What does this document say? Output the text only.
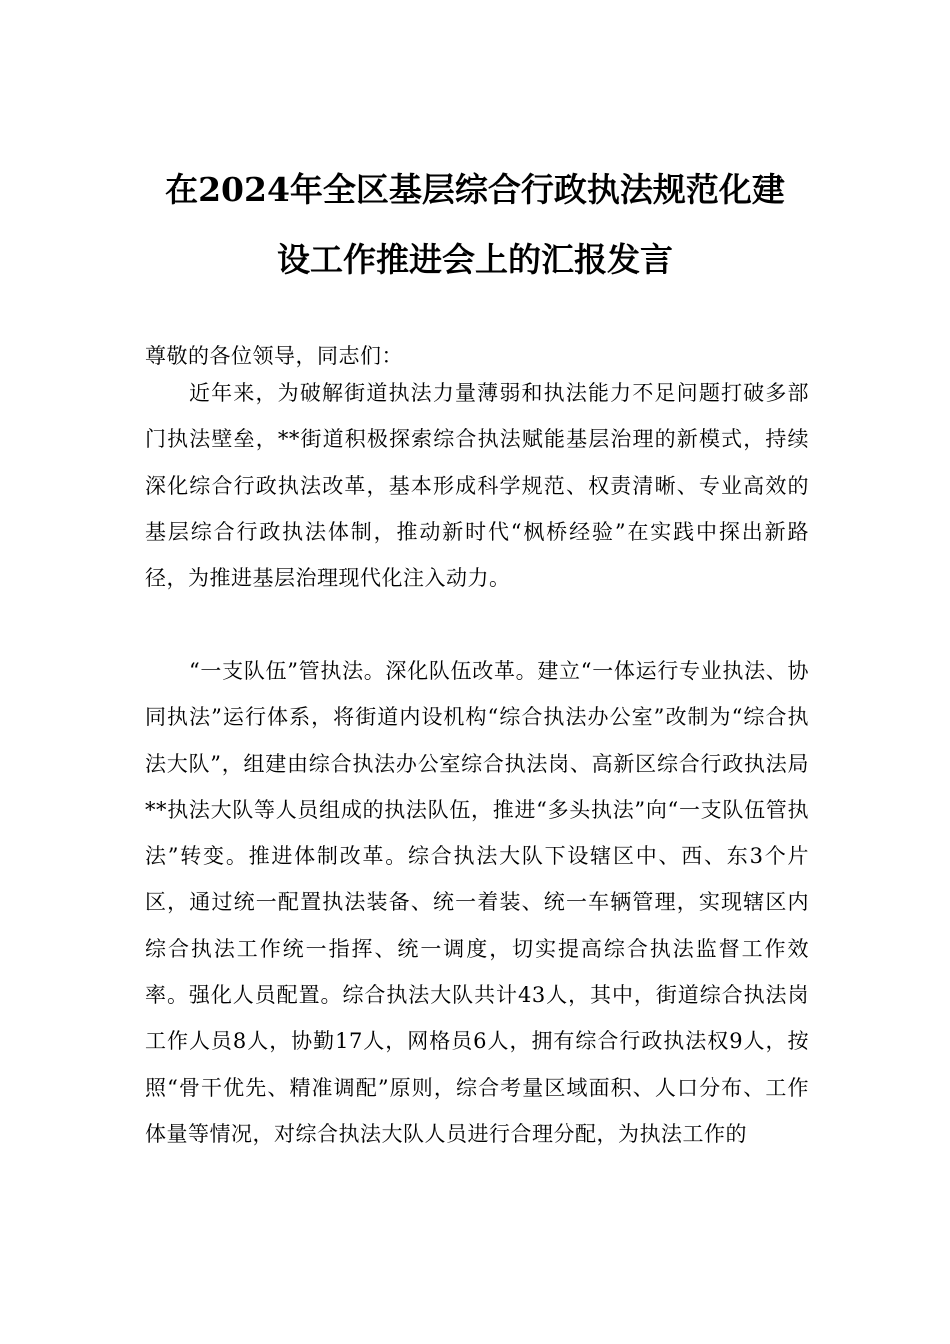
在2024年全区基层综合行政执法规范化建
设工作推进会上的汇报发言
尊敬的各位领导，同志们：
近年来，为破解街道执法力量薄弱和执法能力不足问题打破多部门执法壁垒，**街道积极探索综合执法赋能基层治理的新模式，持续深化综合行政执法改革，基本形成科学规范、权责清晰、专业高效的基层综合行政执法体制，推动新时代“枫桥经验”在实践中探出新路径，为推进基层治理现代化注入动力。
“一支队伍”管执法。深化队伍改革。建立“一体运行专业执法、协同执法”运行体系，将街道内设机构“综合执法办公室”改制为“综合执法大队”，组建由综合执法办公室综合执法岗、高新区综合行政执法局**执法大队等人员组成的执法队伍，推进“多头执法”向“一支队伍管执法”转变。推进体制改革。综合执法大队下设辖区中、西、东3个片区，通过统一配置执法装备、统一着装、统一车辆管理，实现辖区内综合执法工作统一指挥、统一调度，切实提高综合执法监督工作效率。强化人员配置。综合执法大队共计43人，其中，街道综合执法岗工作人员8人，协勤17人，网格员6人，拥有综合行政执法权9人，按照“骨干优先、精准调配”原则，综合考量区域面积、人口分布、工作体量等情况，对综合执法大队人员进行合理分配，为执法工作的
